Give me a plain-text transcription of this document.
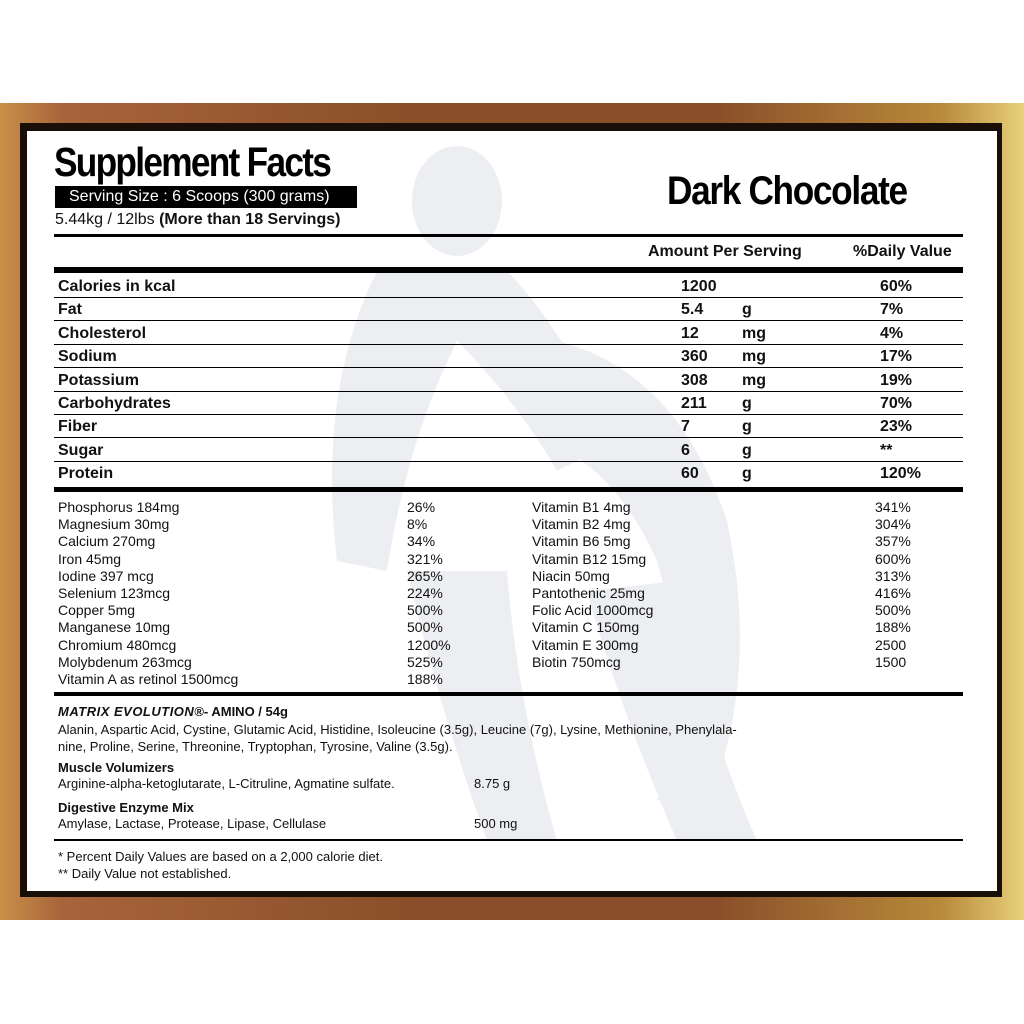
Supplement Facts
Serving Size : 6 Scoops (300 grams)
5.44kg / 12lbs (More than 18 Servings)
Dark Chocolate
Amount Per Serving	%Daily Value
Calories in kcal	1200	60%
Fat	5.4 g	7%
Cholesterol	12	mg	4%
Sodium	360 mg	17%
Potassium	308 mg	19%
Carbohydrates	211 g	70%
Fiber	7	g	23%
Sugar	6	g	**
Protein	60	g	120%
Phosphorus 184mg	26%
Magnesium 30mg	8%
Calcium 270mg	34%
Iron 45mg	321%
Iodine 397 mcg	265%
Selenium 123mcg	224%
Copper 5mg	500%
Manganese 10mg	500%
Chromium 480mcg	1200%
Molybdenum 263mcg	525%
Vitamin A as retinol 1500mcg	188%
Vitamin B1 4mg	341%
Vitamin B2 4mg	304%
Vitamin B6 5mg	357%
Vitamin B12 15mg	600%
Niacin 50mg	313%
Pantothenic 25mg	416%
Folic Acid 1000mcg	500%
Vitamin C 150mg	188%
Vitamin E 300mg	2500
Biotin 750mcg	1500
MATRIX EVOLUTION®- AMINO / 54g
Alanin, Aspartic Acid, Cystine, Glutamic Acid, Histidine, Isoleucine (3.5g), Leucine (7g), Lysine, Methionine, Phenylala-
nine, Proline, Serine, Threonine, Tryptophan, Tyrosine, Valine (3.5g).
Muscle Volumizers
Arginine-alpha-ketoglutarate, L-Citruline, Agmatine sulfate.	8.75 g
Digestive Enzyme Mix
Amylase, Lactase, Protease, Lipase, Cellulase	500 mg
* Percent Daily Values are based on a 2,000 calorie diet.
** Daily Value not established.
